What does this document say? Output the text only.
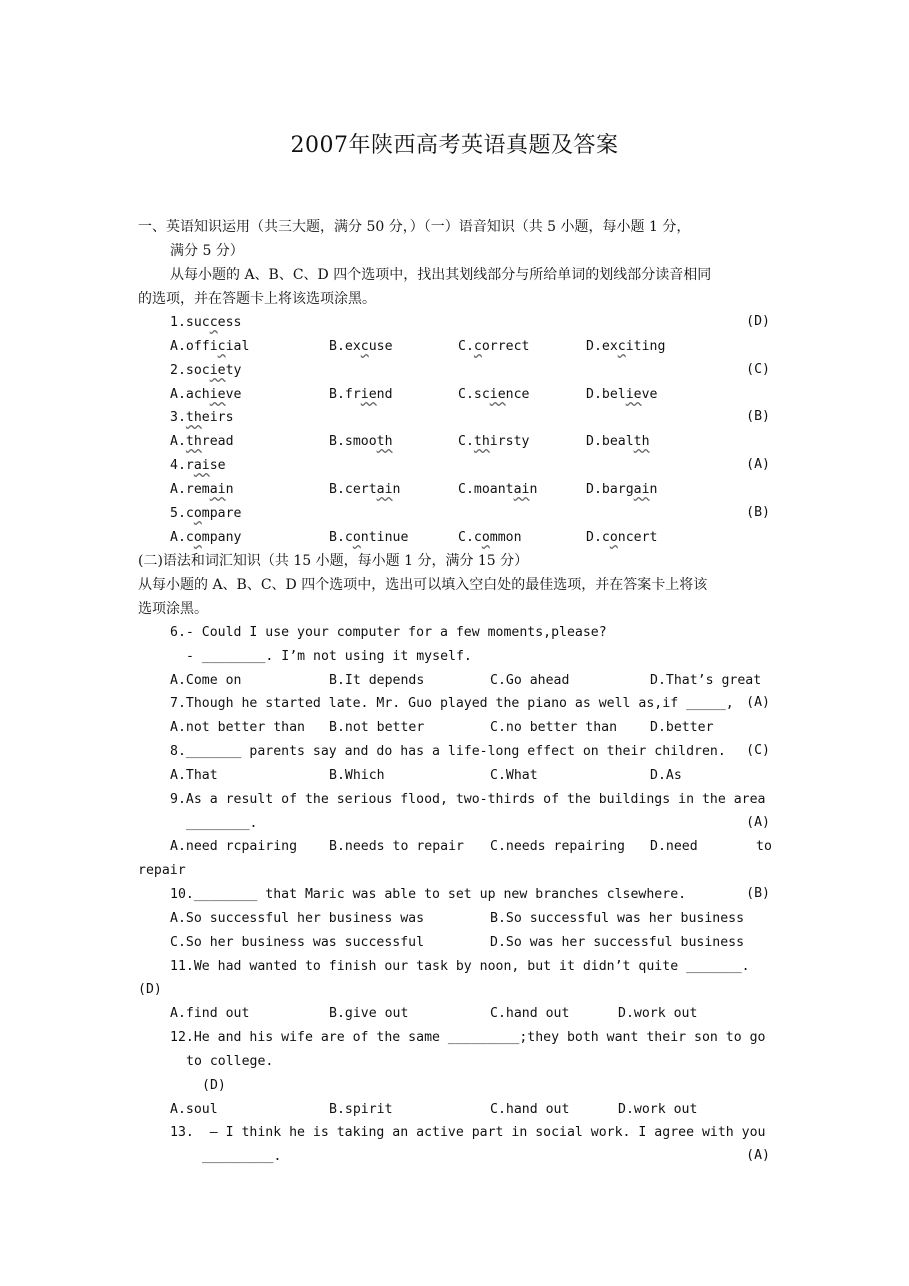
2007年陕西高考英语真题及答案
一、英语知识运用（共三大题，满分 50 分，）（一）语音知识（共 5 小题，每小题 1 分，
满分 5 分）
从每小题的 A、B、C、D 四个选项中，找出其划线部分与所给单词的划线部分读音相同
的选项，并在答题卡上将该选项涂黑。
1.success	(D)
A.official	B.excuse	C.correct	D.exciting
2.society	(C)
A.achieve	B.friend	C.science	D.believe
3.theirs	(B)
A.thread	B.smooth	C.thirsty	D.bealth
4.raise	(A)
A.remain	B.certain	C.moantain	D.bargain
5.compare	(B)
A.company	B.continue	C.common	D.concert
(二)语法和词汇知识（共 15 小题，每小题 1 分，满分 15 分）
从每小题的 A、B、C、D 四个选项中，选出可以填入空白处的最佳选项，并在答案卡上将该
选项涂黑。
6.- Could I use your computer for a few moments,please?
- ________. I’m not using it myself.
A.Come on	B.It depends	C.Go ahead	D.That’s great
7.Though he started late. Mr. Guo played the piano as well as,if _____, (A)
A.not better than B.not better	C.no better than D.better
8._______ parents say and do has a life-long effect on their children.	(C)
A.That	B.Which	C.What	D.As
9.As a result of the serious flood, two-thirds of the buildings in the area
________.	(A)
A.need rcpairing B.needs to repair C.needs repairing D.need	to
repair
10.________ that Maric was able to set up new branches clsewhere.	(B)
A.So successful her business was	B.So successful was her business
C.So her business was successful	D.So was her successful business
11.We had wanted to finish our task by noon, but it didn’t quite _______.
(D)
A.find out	B.give out	C.hand out	D.work out
12.He and his wife are of the same _________;they both want their son to go
to college.
(D)
A.soul	B.spirit	C.hand out	D.work out
13.  – I think he is taking an active part in social work. I agree with you
_________.	(A)
